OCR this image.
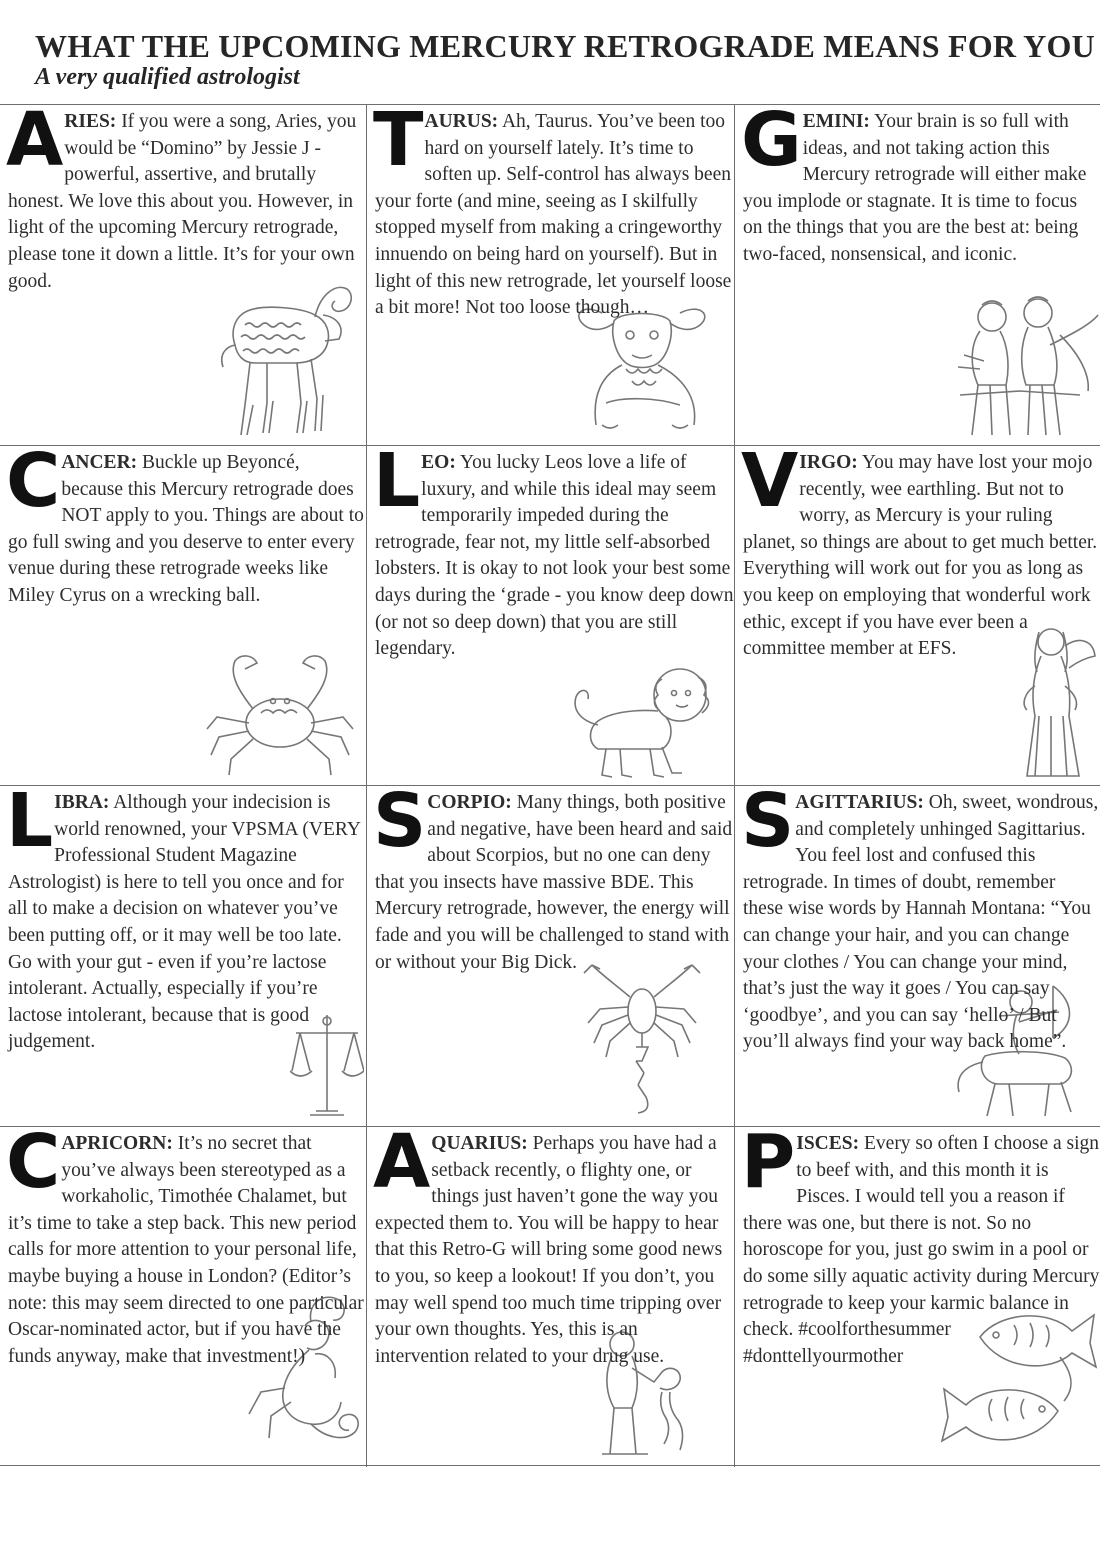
WHAT THE UPCOMING MERCURY RETROGRADE MEANS FOR YOU
A very qualified astrologist

ARIES: If you were a song, Aries, you would be “Domino” by Jessie J - powerful, assertive, and brutally honest. We love this about you. However, in light of the upcoming Mercury retrograde, please tone it down a little. It’s for your own good.

TAURUS: Ah, Taurus. You’ve been too hard on yourself lately. It’s time to soften up. Self-control has always been your forte (and mine, seeing as I skilfully stopped myself from making a cringeworthy innuendo on being hard on yourself). But in light of this new retrograde, let yourself loose a bit more! Not too loose though…

GEMINI: Your brain is so full with ideas, and not taking action this Mercury retrograde will either make you implode or stagnate. It is time to focus on the things that you are the best at: being two-faced, nonsensical, and iconic.

CANCER: Buckle up Beyoncé, because this Mercury retrograde does NOT apply to you. Things are about to go full swing and you deserve to enter every venue during these retrograde weeks like Miley Cyrus on a wrecking ball.

LEO: You lucky Leos love a life of luxury, and while this ideal may seem temporarily impeded during the retrograde, fear not, my little self-absorbed lobsters. It is okay to not look your best some days during the ‘grade - you know deep down (or not so deep down) that you are still legendary.

VIRGO: You may have lost your mojo recently, wee earthling. But not to worry, as Mercury is your ruling planet, so things are about to get much better. Everything will work out for you as long as you keep on employing that wonderful work ethic, except if you have ever been a committee member at EFS.

LIBRA: Although your indecision is world renowned, your VPSMA (VERY Professional Student Magazine Astrologist) is here to tell you once and for all to make a decision on whatever you’ve been putting off, or it may well be too late. Go with your gut - even if you’re lactose intolerant. Actually, especially if you’re lactose intolerant, because that is good judgement.

SCORPIO: Many things, both positive and negative, have been heard and said about Scorpios, but no one can deny that you insects have massive BDE. This Mercury retrograde, however, the energy will fade and you will be challenged to stand with or without your Big Dick.

SAGITTARIUS: Oh, sweet, wondrous, and completely unhinged Sagittarius. You feel lost and confused this retrograde. In times of doubt, remember these wise words by Hannah Montana: “You can change your hair, and you can change your clothes / You can change your mind, that’s just the way it goes / You can say ‘goodbye’, and you can say ‘hello’ / But you’ll always find your way back home”.

CAPRICORN: It’s no secret that you’ve always been stereotyped as a workaholic, Timothée Chalamet, but it’s time to take a step back. This new period calls for more attention to your personal life, maybe buying a house in London? (Editor’s note: this may seem directed to one particular Oscar-nominated actor, but if you have the funds anyway, make that investment!)

AQUARIUS: Perhaps you have had a setback recently, o flighty one, or things just haven’t gone the way you expected them to. You will be happy to hear that this Retro-G will bring some good news to you, so keep a lookout! If you don’t, you may well spend too much time tripping over your own thoughts. Yes, this is an intervention related to your drug use.

PISCES: Every so often I choose a sign to beef with, and this month it is Pisces. I would tell you a reason if there was one, but there is not. So no horoscope for you, just go swim in a pool or do some silly aquatic activity during Mercury retrograde to keep your karmic balance in check. #coolforthesummer #donttellyourmother
